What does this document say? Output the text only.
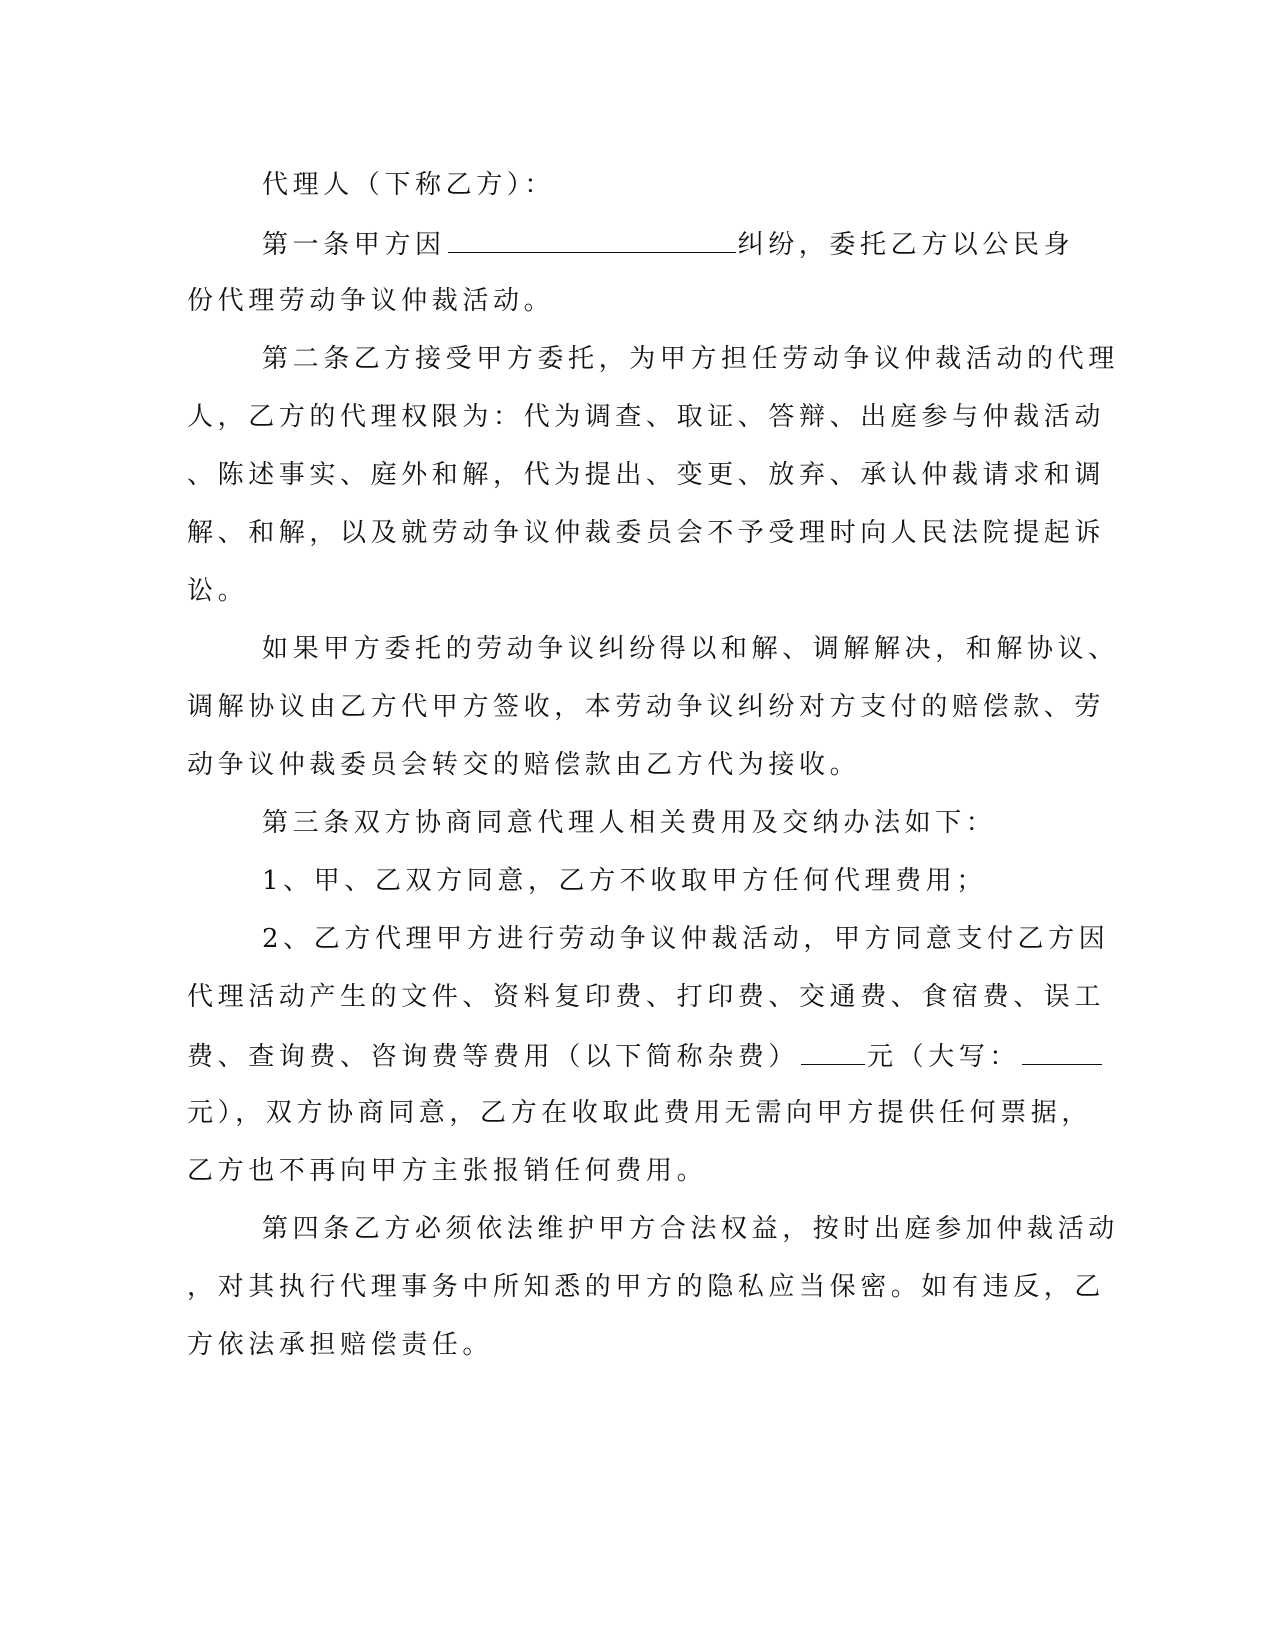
代理人（下称乙方）：
第一条甲方因	纠纷，委托乙方以公民身
份代理劳动争议仲裁活动。
第二条乙方接受甲方委托，为甲方担任劳动争议仲裁活动的代理
人，乙方的代理权限为：代为调查、取证、答辩、出庭参与仲裁活动
、陈述事实、庭外和解，代为提出、变更、放弃、承认仲裁请求和调
解、和解，以及就劳动争议仲裁委员会不予受理时向人民法院提起诉
讼。
如果甲方委托的劳动争议纠纷得以和解、调解解决，和解协议、
调解协议由乙方代甲方签收，本劳动争议纠纷对方支付的赔偿款、劳
动争议仲裁委员会转交的赔偿款由乙方代为接收。
第三条双方协商同意代理人相关费用及交纳办法如下：
1、甲、乙双方同意，乙方不收取甲方任何代理费用；
2、乙方代理甲方进行劳动争议仲裁活动，甲方同意支付乙方因
代理活动产生的文件、资料复印费、打印费、交通费、食宿费、误工
费、查询费、咨询费等费用（以下简称杂费）	元（大写：
元），双方协商同意，乙方在收取此费用无需向甲方提供任何票据，
乙方也不再向甲方主张报销任何费用。
第四条乙方必须依法维护甲方合法权益，按时出庭参加仲裁活动
，对其执行代理事务中所知悉的甲方的隐私应当保密。如有违反，乙
方依法承担赔偿责任。
